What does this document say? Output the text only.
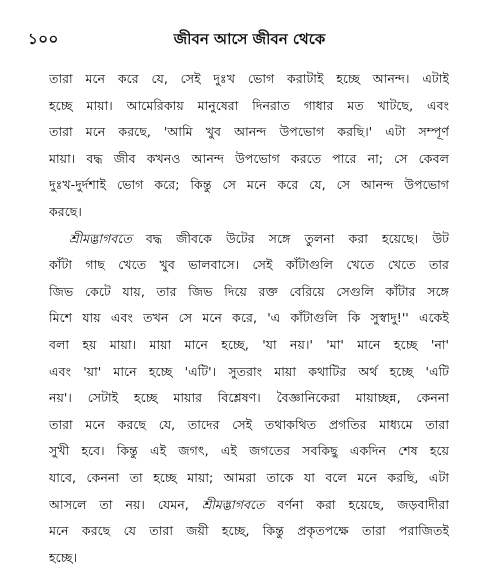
১০০	জীবন আসে জীবন থেকে
তারা মনে করে যে, সেই দুঃখ ভোগ করাটাই হচ্ছে আনন্দ। এটাই
হচ্ছে মায়া। আমেরিকায় মানুষেরা দিনরাত গাধার মত খাটছে, এবং
তারা মনে করছে, 'আমি খুব আনন্দ উপভোগ করছি।' এটা সম্পূর্ণ
মায়া। বদ্ধ জীব কখনও আনন্দ উপভোগ করতে পারে না; সে কেবল
দুঃখ-দুর্দশাই ভোগ করে; কিন্তু সে মনে করে যে, সে আনন্দ উপভোগ
করছে।
শ্রীমদ্ভাগবতে বদ্ধ জীবকে উটের সঙ্গে তুলনা করা হয়েছে। উট
কাঁটা গাছ খেতে খুব ভালবাসে। সেই কাঁটাগুলি খেতে খেতে তার
জিভ কেটে যায়, তার জিভ দিয়ে রক্ত বেরিয়ে সেগুলি কাঁটার সঙ্গে
মিশে যায় এবং তখন সে মনে করে, 'এ কাঁটাগুলি কি সুস্বাদু!'' একেই
বলা হয় মায়া। মায়া মানে হচ্ছে, 'যা নয়।' 'মা' মানে হচ্ছে 'না'
এবং 'য়া' মানে হচ্ছে 'এটি'। সুতরাং মায়া কথাটির অর্থ হচ্ছে 'এটি
নয়'। সেটাই হচ্ছে মায়ার বিশ্লেষণ। বৈজ্ঞানিকেরা মায়াচ্ছন্ন, কেননা
তারা মনে করছে যে, তাদের সেই তথাকথিত প্রগতির মাধ্যমে তারা
সুখী হবে। কিন্তু এই জগৎ, এই জগতের সবকিছু একদিন শেষ হয়ে
যাবে, কেননা তা হচ্ছে মায়া; আমরা তাকে যা বলে মনে করছি, এটা
আসলে তা নয়। যেমন, শ্রীমদ্ভাগবতে বর্ণনা করা হয়েছে, জড়বাদীরা
মনে করছে যে তারা জয়ী হচ্ছে, কিন্তু প্রকৃতপক্ষে তারা পরাজিতই
হচ্ছে।
